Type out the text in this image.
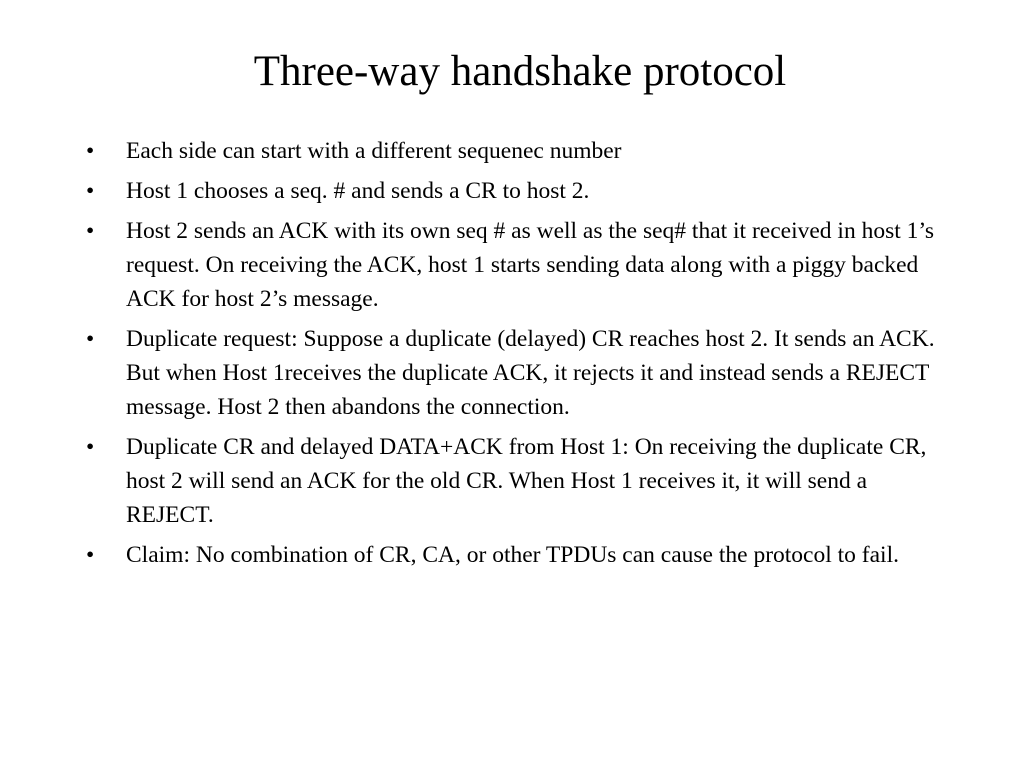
Three-way handshake protocol
•	Each side can start with a different sequenec number
•	Host 1 chooses a seq. # and sends a CR to host 2.
•	Host 2 sends an ACK with its own seq # as well as the seq# that it received in host 1’s request. On receiving the ACK, host 1 starts sending data along with a piggy backed ACK for host 2’s message.
•	Duplicate request: Suppose a duplicate (delayed) CR reaches host 2. It sends an ACK. But when Host 1receives the duplicate ACK, it rejects it and instead sends a REJECT message. Host 2 then abandons the connection.
•	Duplicate CR and delayed DATA+ACK from Host 1: On receiving the duplicate CR, host 2 will send an ACK for the old CR. When Host 1 receives it, it will send a REJECT.
•	Claim: No combination of CR, CA, or other TPDUs can cause the protocol to fail.
